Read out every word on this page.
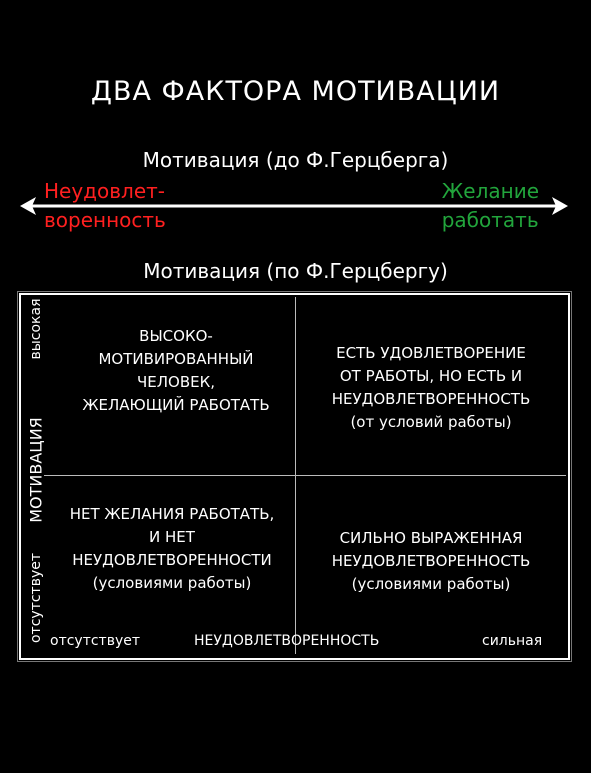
ДВА ФАКТОРА МОТИВАЦИИ
Мотивация (до Ф.Герцберга)
Неудовлет-
воренность
Желание
работать
Мотивация (по Ф.Герцбергу)
высокая
МОТИВАЦИЯ
отсутствует
ВЫСОКО-
МОТИВИРОВАННЫЙ
ЧЕЛОВЕК,
ЖЕЛАЮЩИЙ РАБОТАТЬ
ЕСТЬ УДОВЛЕТВОРЕНИЕ
ОТ РАБОТЫ, НО ЕСТЬ И
НЕУДОВЛЕТВОРЕННОСТЬ
(от условий работы)
НЕТ ЖЕЛАНИЯ РАБОТАТЬ,
И НЕТ
НЕУДОВЛЕТВОРЕННОСТИ
(условиями работы)
СИЛЬНО ВЫРАЖЕННАЯ
НЕУДОВЛЕТВОРЕННОСТЬ
(условиями работы)
отсутствует	НЕУДОВЛЕТВОРЕННОСТЬ	сильная
